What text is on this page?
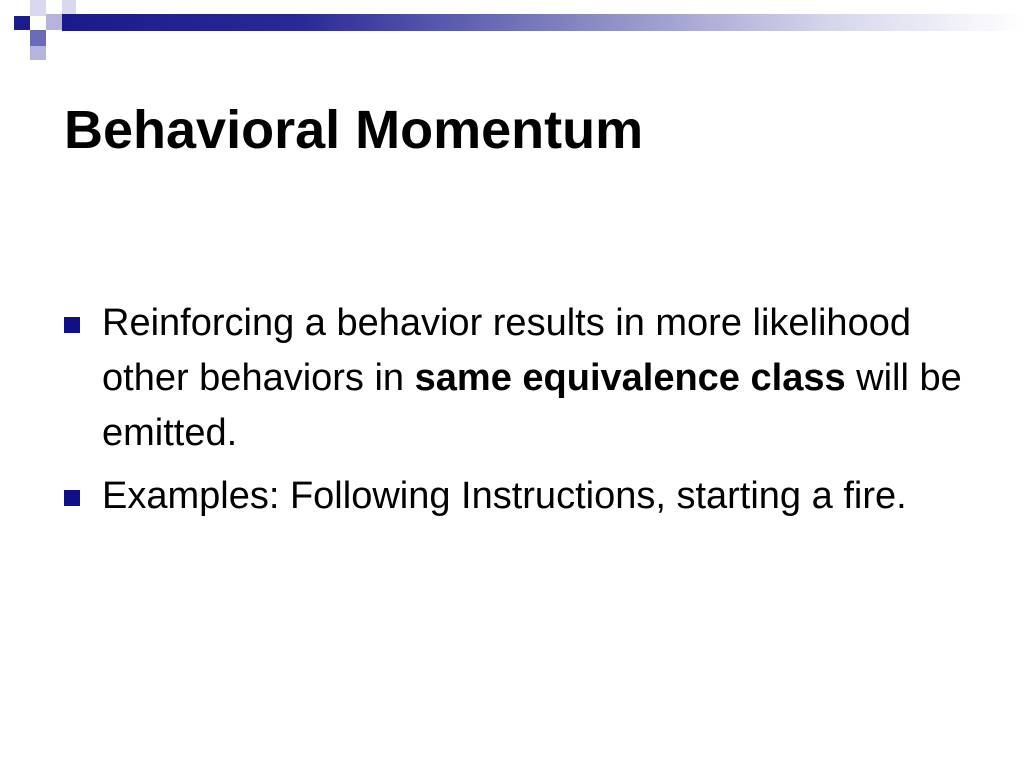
Behavioral Momentum
Reinforcing a behavior results in more likelihood other behaviors in same equivalence class will be emitted.
Examples: Following Instructions, starting a fire.
